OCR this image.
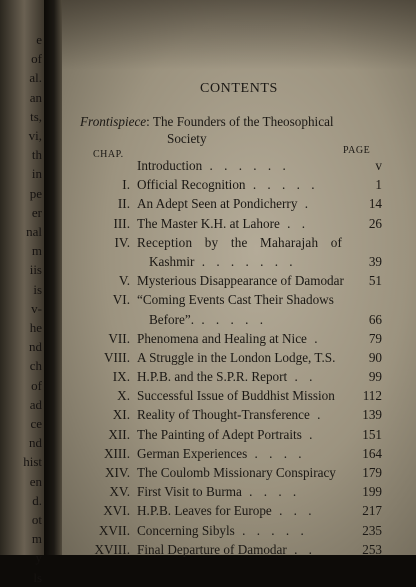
e
of
al.
an
ts,
vi,
th
in
pe
er
nal
m
iis
is
v-
he
nd
ch
of
ad
ce
nd
hist
en
d.
ot
m
y
ls
CONTENTS
Frontispiece: The Founders of the Theosophical
Society
CHAP.	PAGE
Introduction . . . . . .	v
I. Official Recognition . . . . .	1
II. An Adept Seen at Pondicherry .	14
III. The Master K.H. at Lahore . .	26
IV. Reception by the Maharajah of
Kashmir . . . . . . .	39
V. Mysterious Disappearance of Damodar 51
VI. “Coming Events Cast Their Shadows
Before”. . . . . .	66
VII. Phenomena and Healing at Nice .	79
VIII. A Struggle in the London Lodge, T.S.	90
IX. H.P.B. and the S.P.R. Report . .	99
X. Successful Issue of Buddhist Mission 112
XI. Reality of Thought-Transference .	139
XII. The Painting of Adept Portraits .	151
XIII. German Experiences . . . .	164
XIV. The Coulomb Missionary Conspiracy 179
XV. First Visit to Burma . . . .	199
XVI. H.P.B. Leaves for Europe . . .	217
XVII. Concerning Sibyls . . . . .	235
XVIII. Final Departure of Damodar . .	253
